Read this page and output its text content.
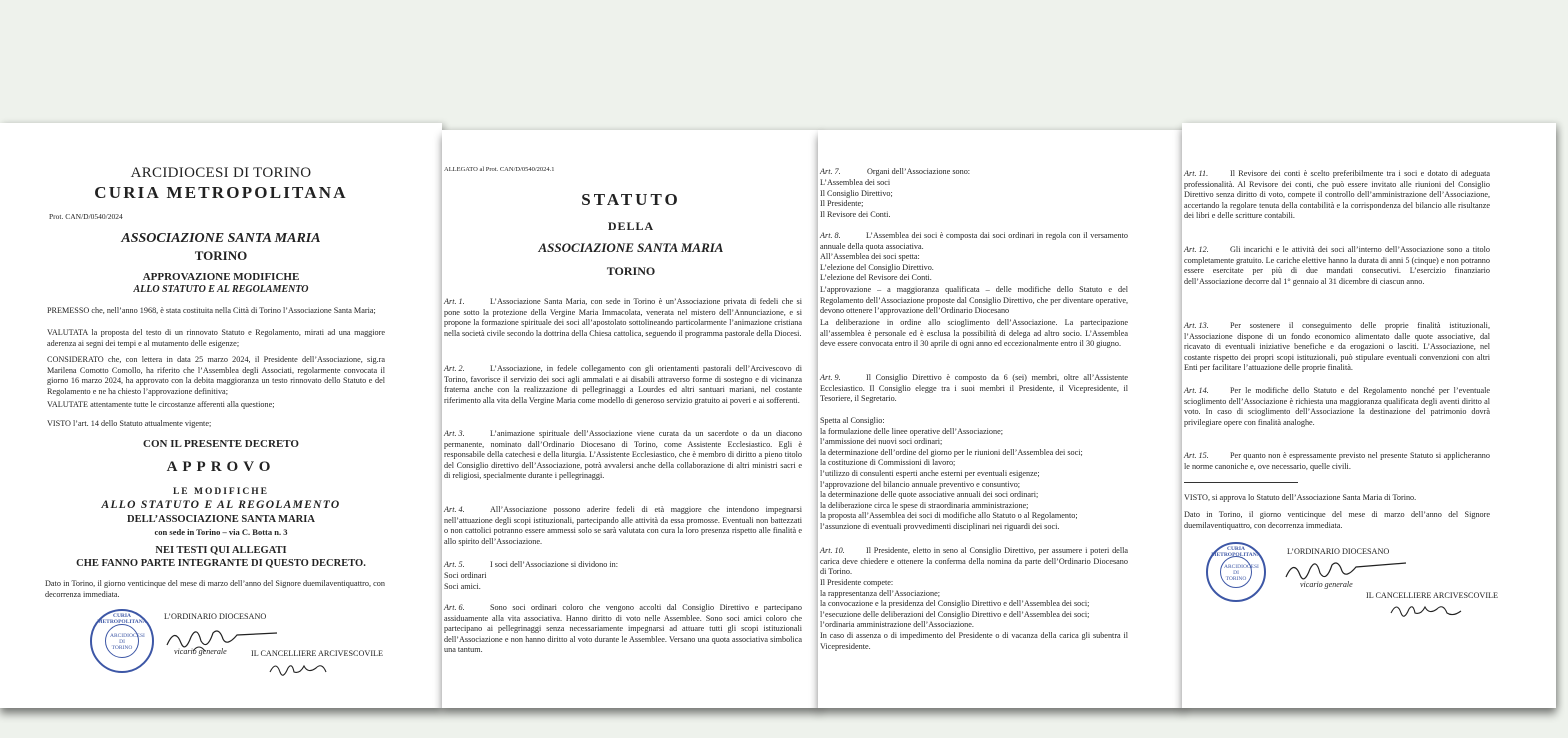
ARCIDIOCESI DI TORINO
CURIA METROPOLITANA
Prot. CAN/D/0540/2024
ASSOCIAZIONE SANTA MARIA
TORINO
APPROVAZIONE MODIFICHE
ALLO STATUTO E AL REGOLAMENTO
PREMESSO che, nell’anno 1968, è stata costituita nella Città di Torino l’Associazione Santa Maria;
VALUTATA la proposta del testo di un rinnovato Statuto e Regolamento, mirati ad una maggiore aderenza ai segni dei tempi e al mutamento delle esigenze;
CONSIDERATO che, con lettera in data 25 marzo 2024, il Presidente dell’Associazione, sig.ra Marilena Comotto Comollo, ha riferito che l’Assemblea degli Associati, regolarmente convocata il giorno 16 marzo 2024, ha approvato con la debita maggioranza un testo rinnovato dello Statuto e del Regolamento e ne ha chiesto l’approvazione definitiva;
VALUTATE attentamente tutte le circostanze afferenti alla questione;
VISTO l’art. 14 dello Statuto attualmente vigente;
CON IL PRESENTE DECRETO
APPROVO
LE MODIFICHE
ALLO STATUTO E AL REGOLAMENTO
DELL’ASSOCIAZIONE SANTA MARIA
con sede in Torino – via C. Botta n. 3
NEI TESTI QUI ALLEGATI
CHE FANNO PARTE INTEGRANTE DI QUESTO DECRETO.
Dato in Torino, il giorno venticinque del mese di marzo dell’anno del Signore duemilaventiquattro, con decorrenza immediata.
L’ORDINARIO DIOCESANO
IL CANCELLIERE ARCIVESCOVILE
CURIA METROPOLITANA
ARCIDIOCESI DI TORINO	vicario generale
ALLEGATO al Prot. CAN/D/0540/2024.1
STATUTO
DELLA
ASSOCIAZIONE SANTA MARIA
TORINO
Art. 1.	L’Associazione Santa Maria, con sede in Torino è un’Associazione privata di fedeli che si pone sotto la protezione della Vergine Maria Immacolata, venerata nel mistero dell’Annunciazione, e si propone la formazione spirituale dei soci all’apostolato sottolineando particolarmente l’animazione cristiana nella società civile secondo la dottrina della Chiesa cattolica, seguendo il programma pastorale della Diocesi.
Art. 2.	L’Associazione, in fedele collegamento con gli orientamenti pastorali dell’Arcivescovo di Torino, favorisce il servizio dei soci agli ammalati e ai disabili attraverso forme di sostegno e di vicinanza fraterna anche con la realizzazione di pellegrinaggi a Lourdes ed altri santuari mariani, nel costante riferimento alla vita della Vergine Maria come modello di generoso servizio gratuito ai poveri e ai sofferenti.
Art. 3.	L’animazione spirituale dell’Associazione viene curata da un sacerdote o da un diacono permanente, nominato dall’Ordinario Diocesano di Torino, come Assistente Ecclesiastico. Egli è responsabile della catechesi e della liturgia. L’Assistente Ecclesiastico, che è membro di diritto a pieno titolo del Consiglio direttivo dell’Associazione, potrà avvalersi anche della collaborazione di altri ministri sacri e di religiosi, specialmente durante i pellegrinaggi.
Art. 4.	All’Associazione possono aderire fedeli di età maggiore che intendono impegnarsi nell’attuazione degli scopi istituzionali, partecipando alle attività da essa promosse. Eventuali non battezzati o non cattolici potranno essere ammessi solo se sarà valutata con cura la loro presenza rispetto alle finalità e allo spirito dell’Associazione.
Art. 5.	I soci dell’Associazione si dividono in:
Soci ordinari
Soci amici.
Art. 6.	Sono soci ordinari coloro che vengono accolti dal Consiglio Direttivo e partecipano assiduamente alla vita associativa. Hanno diritto di voto nelle Assemblee. Sono soci amici coloro che partecipano ai pellegrinaggi senza necessariamente impegnarsi ad attuare tutti gli scopi istituzionali dell’Associazione e non hanno diritto al voto durante le Assemblee. Versano una quota associativa simbolica una tantum.
Art. 7.	Organi dell’Associazione sono:
L’Assemblea dei soci
Il Consiglio Direttivo;
Il Presidente;
Il Revisore dei Conti.
Art. 8.	L’Assemblea dei soci è composta dai soci ordinari in regola con il versamento annuale della quota associativa.
All’Assemblea dei soci spetta:
L’elezione del Consiglio Direttivo.
L’elezione del Revisore dei Conti.
L’approvazione – a maggioranza qualificata – delle modifiche dello Statuto e del Regolamento dell’Associazione proposte dal Consiglio Direttivo, che per diventare operative, devono ottenere l’approvazione dell’Ordinario Diocesano
La deliberazione in ordine allo scioglimento dell’Associazione. La partecipazione all’assemblea è personale ed è esclusa la possibilità di delega ad altro socio. L’Assemblea deve essere convocata entro il 30 aprile di ogni anno ed eccezionalmente entro il 30 giugno.
Art. 9.	Il Consiglio Direttivo è composto da 6 (sei) membri, oltre all’Assistente Ecclesiastico. Il Consiglio elegge tra i suoi membri il Presidente, il Vicepresidente, il Tesoriere, il Segretario.
Spetta al Consiglio:
la formulazione delle linee operative dell’Associazione;
l’ammissione dei nuovi soci ordinari;
la determinazione dell’ordine del giorno per le riunioni dell’Assemblea dei soci;
la costituzione di Commissioni di lavoro;
l’utilizzo di consulenti esperti anche esterni per eventuali esigenze;
l’approvazione del bilancio annuale preventivo e consuntivo;
la determinazione delle quote associative annuali dei soci ordinari;
la deliberazione circa le spese di straordinaria amministrazione;
la proposta all’Assemblea dei soci di modifiche allo Statuto o al Regolamento;
l’assunzione di eventuali provvedimenti disciplinari nei riguardi dei soci.
Art. 10.	Il Presidente, eletto in seno al Consiglio Direttivo, per assumere i poteri della carica deve chiedere e ottenere la conferma della nomina da parte dell’Ordinario Diocesano di Torino.
Il Presidente compete:
la rappresentanza dell’Associazione;
la convocazione e la presidenza del Consiglio Direttivo e dell’Assemblea dei soci;
l’esecuzione delle deliberazioni del Consiglio Direttivo e dell’Assemblea dei soci;
l’ordinaria amministrazione dell’Associazione.
In caso di assenza o di impedimento del Presidente o di vacanza della carica gli subentra il Vicepresidente.
Art. 11.	Il Revisore dei conti è scelto preferibilmente tra i soci e dotato di adeguata professionalità. Al Revisore dei conti, che può essere invitato alle riunioni del Consiglio Direttivo senza diritto di voto, compete il controllo dell’amministrazione dell’Associazione, accertando la regolare tenuta della contabilità e la corrispondenza del bilancio alle risultanze dei libri e delle scritture contabili.
Art. 12.	Gli incarichi e le attività dei soci all’interno dell’Associazione sono a titolo completamente gratuito. Le cariche elettive hanno la durata di anni 5 (cinque) e non potranno essere esercitate per più di due mandati consecutivi. L’esercizio finanziario dell’Associazione decorre dal 1° gennaio al 31 dicembre di ciascun anno.
Art. 13.	Per sostenere il conseguimento delle proprie finalità istituzionali, l’Associazione dispone di un fondo economico alimentato dalle quote associative, dal ricavato di eventuali iniziative benefiche e da erogazioni o lasciti. L’Associazione, nel costante rispetto dei propri scopi istituzionali, può stipulare eventuali convenzioni con altri Enti per facilitare l’attuazione delle proprie finalità.
Art. 14.	Per le modifiche dello Statuto e del Regolamento nonché per l’eventuale scioglimento dell’Associazione è richiesta una maggioranza qualificata degli aventi diritto al voto. In caso di scioglimento dell’Associazione la destinazione del patrimonio dovrà privilegiare opere con finalità analoghe.
Art. 15.	Per quanto non è espressamente previsto nel presente Statuto si applicheranno le norme canoniche e, ove necessario, quelle civili.
VISTO, si approva lo Statuto dell’Associazione Santa Maria di Torino.
Dato in Torino, il giorno venticinque del mese di marzo dell’anno del Signore duemilaventiquattro, con decorrenza immediata.
L’ORDINARIO DIOCESANO
IL CANCELLIERE ARCIVESCOVILE
CURIA METROPOLITANA
ARCIDIOCESI DI TORINO
vicario generale
